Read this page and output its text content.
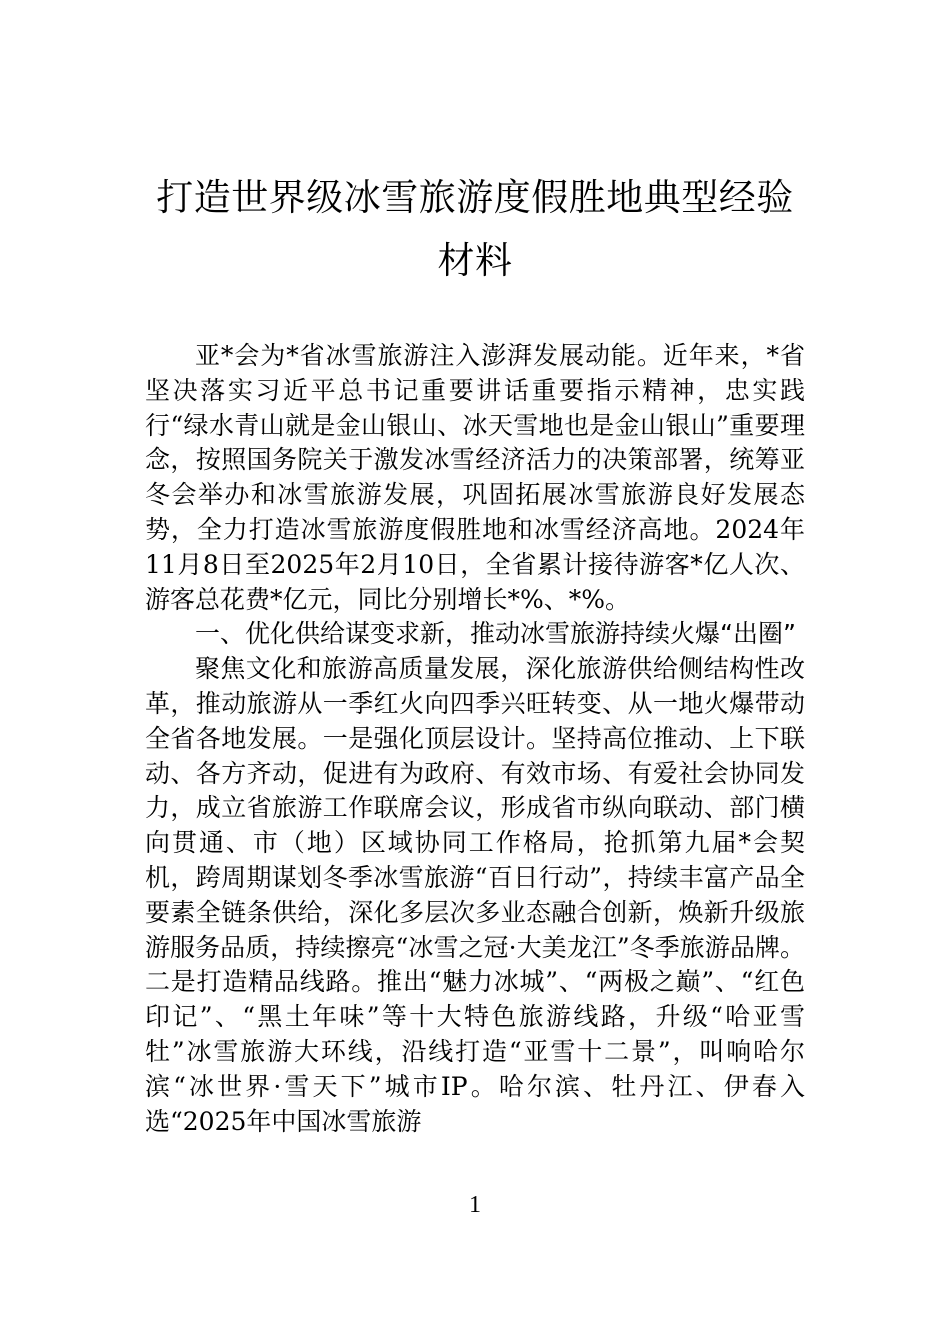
打造世界级冰雪旅游度假胜地典型经验材料

亚*会为*省冰雪旅游注入澎湃发展动能。近年来，*省坚决落实习近平总书记重要讲话重要指示精神，忠实践行“绿水青山就是金山银山、冰天雪地也是金山银山”重要理念，按照国务院关于激发冰雪经济活力的决策部署，统筹亚冬会举办和冰雪旅游发展，巩固拓展冰雪旅游良好发展态势，全力打造冰雪旅游度假胜地和冰雪经济高地。2024年11月8日至2025年2月10日，全省累计接待游客*亿人次、游客总花费*亿元，同比分别增长*%、*%。

一、优化供给谋变求新，推动冰雪旅游持续火爆“出圈”

聚焦文化和旅游高质量发展，深化旅游供给侧结构性改革，推动旅游从一季红火向四季兴旺转变、从一地火爆带动全省各地发展。一是强化顶层设计。坚持高位推动、上下联动、各方齐动，促进有为政府、有效市场、有爱社会协同发力，成立省旅游工作联席会议，形成省市纵向联动、部门横向贯通、市（地）区域协同工作格局，抢抓第九届*会契机，跨周期谋划冬季冰雪旅游“百日行动”，持续丰富产品全要素全链条供给，深化多层次多业态融合创新，焕新升级旅游服务品质，持续擦亮“冰雪之冠·大美龙江”冬季旅游品牌。二是打造精品线路。推出“魅力冰城”、“两极之巅”、“红色印记”、“黑土年味”等十大特色旅游线路，升级“哈亚雪牡”冰雪旅游大环线，沿线打造“亚雪十二景”，叫响哈尔滨“冰世界·雪天下”城市IP。哈尔滨、牡丹江、伊春入选“2025年中国冰雪旅游

1
